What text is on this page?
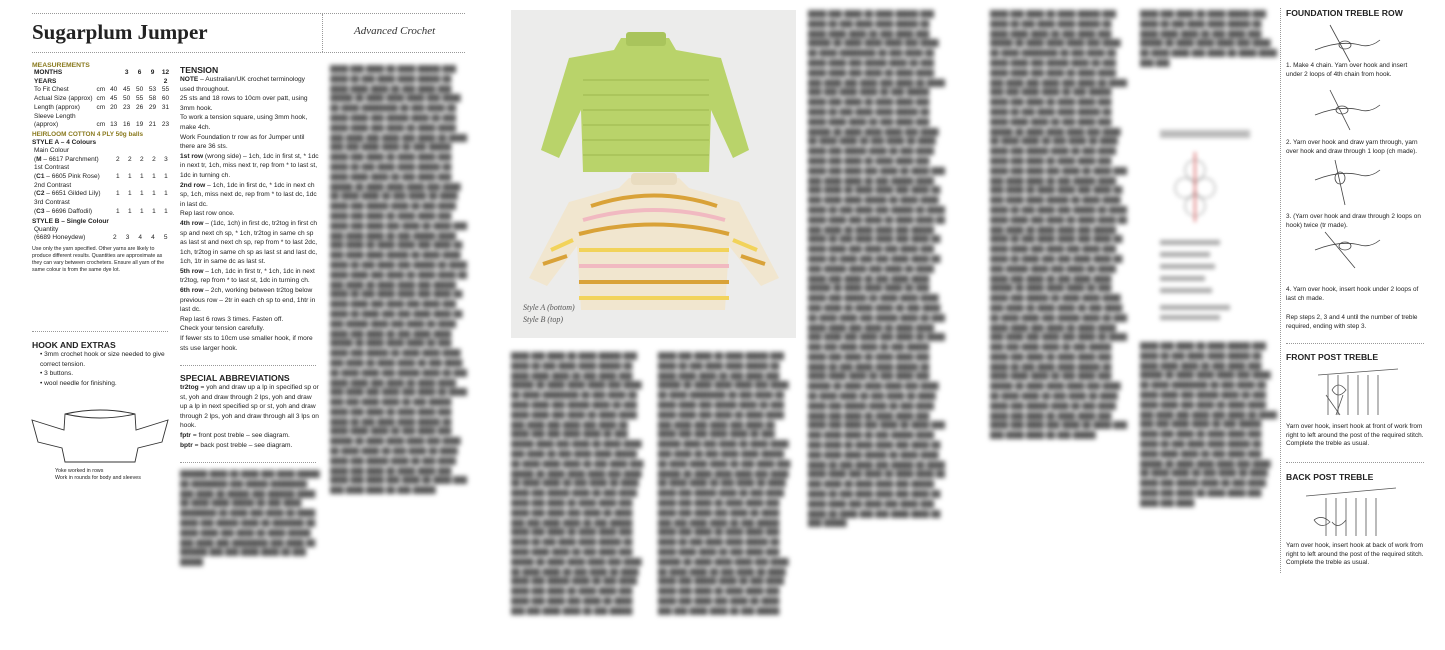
Sugarplum Jumper	Advanced Crochet
MEASUREMENTS
MONTHS			3	6	9	12
YEARS						2
To Fit Chest	cm	40	45	50	53	55
Actual Size (approx)	cm	45	50	55	58	60
Length (approx)	cm	20	23	26	29	31
Sleeve Length						
(approx)	cm	13	16	19	21	23
HEIRLOOM COTTON 4 PLY 50g balls
STYLE A – 4 Colours
Main Colour					
(M – 6617 Parchment)	2	2	2	2	3
1st Contrast					
(C1 – 6605 Pink Rose)	1	1	1	1	1
2nd Contrast					
(C2 – 6651 Gilded Lily)	1	1	1	1	1
3rd Contrast					
(C3 – 6696 Daffodil)	1	1	1	1	1
STYLE B – Single Colour
Quantity					
(6689 Honeydew)	2	3	4	4	5
Use only the yarn specified. Other yarns are likely to produce different results. Quantities are approximate as they can vary between crocheters. Ensure all yarn of the same colour is from the same dye lot.
HOOK AND EXTRAS
• 3mm crochet hook or size needed to give correct tension.
• 3 buttons.
• wool needle for finishing.
Yoke worked in rows
Work in rounds for body and sleeves
TENSION
NOTE – Australian/UK crochet terminology used throughout.
25 sts and 18 rows to 10cm over patt, using 3mm hook.
To work a tension square, using 3mm hook, make 4ch.
Work Foundation tr row as for Jumper until there are 36 sts.
1st row (wrong side) – 1ch, 1dc in first st, * 1dc in next tr, 1ch, miss next tr, rep from * to last st, 1dc in turning ch.
2nd row – 1ch, 1dc in first dc, * 1dc in next ch sp, 1ch, miss next dc, rep from * to last dc, 1dc in last dc.
Rep last row once.
4th row – (1dc, 1ch) in first dc, tr2tog in first ch sp and next ch sp, * 1ch, tr2tog in same ch sp as last st and next ch sp, rep from * to last 2dc, 1ch, tr2tog in same ch sp as last st and last dc, 1ch, 1tr in same dc as last st.
5th row – 1ch, 1dc in first tr, * 1ch, 1dc in next tr2tog, rep from * to last st, 1dc in turning ch.
6th row – 2ch, working between tr2tog below previous row – 2tr in each ch sp to end, 1htr in last dc.
Rep last 6 rows 3 times. Fasten off.
Check your tension carefully.
If fewer sts to 10cm use smaller hook, if more sts use larger hook.
SPECIAL ABBREVIATIONS
tr2tog = yoh and draw up a lp in specified sp or st, yoh and draw through 2 lps, yoh and draw up a lp in next specified sp or st, yoh and draw through 2 lps, yoh and draw through all 3 lps on hook.
fptr = front post treble – see diagram.
bptr = back post treble – see diagram.
██████ ████ ██ ████ ███ ████ █████ ██ ████████ ███ █████ ████████ ███ ████ ██ █████ ███ ██████ ████ ██ ████ ████ █████ ██ ███ ████ ████████ ██ ████ ███ ████ ██ ████ ████ ███ █████ ████ ██ ███████ ██ ████ ████ ███ ████ ██ ████ █████ ███ ████ ███ ████████ ███ ████ ██ ██████ ███ ███ ████ ████ ██ ███ █████
████ ███ ████ ██ ████ █████ ███ ████ ██ ███ ████ ████ █████ ██ ████ ████ ████ ██ ███ ████ ███ █████ ██ ████ ████ ████ ███ ████ ██ ████ ████████ ██ ███ ████ ██ ████ ████ ███ █████ ████ ██ ███ ████ ████ ███ ████ ██ ████ ████ ███ ████ ███ ████ ███ ████ ██ ████ ███ ███ ████ ████ ██ ███ █████ ████ ███ ████ ██ ████ ████ ███ ████ ██ ███ ████ ████ █████ ██ ████ ████ ████ ██ ███ ████ ███ █████ ██ ████ ████ ████ ███ ████ ██ ████ ████ ██ ███ ████ ██ ████ ████ ███ █████ ████ ██ ███ ████ ████ ███ ████ ██ ████ ████ ███ ████ ███ ████ ███ ████ ██ ████ ███ ███ ████ ████ ██ ███ █████ ████ ███ ████ ██ ████ ████ ███ ████ ██ ███ ████ ████ █████ ██ ████ ████ ████ ██ ███ ████ ███ █████ ██ ████ ████ ████ ███ ████ ██ ████ ████ ██ ███ ████ ██ ████ ████ ███ █████ ████ ██ ███ ████ ████ ███ ████ ██ ████ ████ ███ ████ ███ ████ ███ ████ ██ ████ ███ ███ ████ ████ ██ ███ █████ ████ ███ ████ ██ ████ ████ ███ ████ ██ ███ ████ ████ █████ ██ ████ ████ ████ ██ ███ ████ ███ █████ ██ ████ ████ ████ ███ ████ ██ ████ ████ ██ ███ ████ ██ ████ ████ ███ █████ ████ ██ ███ ████ ████ ███ ████ ██ ████ ████ ███ ████ ███ ████ ███ ████ ██ ████ ███ ███ ████ ████ ██ ███ █████ ████ ███ ████ ██ ████ ████ ███ ████ ██ ███ ████ ████ █████ ██ ████ ████ ████ ██ ███ ████ ███ █████ ██ ████ ████ ████ ███ ████ ██ ████ ████ ██ ███ ████ ██ ████ ████ ███ █████ ████ ██ ███ ████ ████ ███ ████ ██ ████ ████ ███ ████ ███ ████ ███ ████ ██ ████ ███ ███ ████ ████ ██ ███ █████
Style A (bottom)
Style B (top)
████ ███ ████ ██ ████ █████ ███ ████ ██ ███ ████ ████ █████ ██ ████ ████ ████ ██ ███ ████ ███ █████ ██ ████ ████ ████ ███ ████ ██ ████ ████████ ██ ███ ████ ██ ████ ████ ███ █████ ████ ██ ███ ████ ████ ███ ████ ██ ████ ████ ███ ████ ███ ████ ███ ████ ██ ████ ███ ███ ████ ████ ██ ███ █████ ████ ███ ████ ██ ████ ████ ███ ████ ██ ███ ████ ████ █████ ██ ████ ████ ████ ██ ███ ████ ███ █████ ██ ████ ████ ████ ███ ████ ██ ████ ████ ██ ███ ████ ██ ████ ████ ███ █████ ████ ██ ███ ████ ████ ███ ████ ██ ████ ████ ███ ████ ███ ████ ███ ████ ██ ████ ███ ███ ████ ████ ██ ███ █████ ████ ███ ████ ██ ████ ████ ███ ████ ██ ███ ████ ████ █████ ██ ████ ████ ████ ██ ███ ████ ███ █████ ██ ████ ████ ████ ███ ████ ██ ████ ████ ██ ███ ████ ██ ████ ████ ███ █████ ████ ██ ███ ████ ████ ███ ████ ██ ████ ████ ███ ████ ███ ████ ███ ████ ██ ████ ███ ███ ████ ████ ██ ███ █████
████ ███ ████ ██ ████ █████ ███ ████ ██ ███ ████ ████ █████ ██ ████ ████ ████ ██ ███ ████ ███ █████ ██ ████ ████ ████ ███ ████ ██ ████ ████████ ██ ███ ████ ██ ████ ████ ███ █████ ████ ██ ███ ████ ████ ███ ████ ██ ████ ████ ███ ████ ███ ████ ███ ████ ██ ████ ███ ███ ████ ████ ██ ███ █████ ████ ███ ████ ██ ████ ████ ███ ████ ██ ███ ████ ████ █████ ██ ████ ████ ████ ██ ███ ████ ███ █████ ██ ████ ████ ████ ███ ████ ██ ████ ████ ██ ███ ████ ██ ████ ████ ███ █████ ████ ██ ███ ████ ████ ███ ████ ██ ████ ████ ███ ████ ███ ████ ███ ████ ██ ████ ███ ███ ████ ████ ██ ███ █████ ████ ███ ████ ██ ████ ████ ███ ████ ██ ███ ████ ████ █████ ██ ████ ████ ████ ██ ███ ████ ███ █████ ██ ████ ████ ████ ███ ████ ██ ████ ████ ██ ███ ████ ██ ████ ████ ███ █████ ████ ██ ███ ████ ████ ███ ████ ██ ████ ████ ███ ████ ███ ████ ███ ████ ██ ████ ███ ███ ████ ████ ██ ███ █████
████ ███ ████ ██ ████ █████ ███ ████ ██ ███ ████ ████ █████ ██ ████ ████ ████ ██ ███ ████ ███ █████ ██ ████ ████ ████ ███ ████ ██ ████ ████████ ██ ███ ████ ██ ████ ████ ███ █████ ████ ██ ███ ████ ████ ███ ████ ██ ████ ████ ███ ████ ███ ████ ███ ████ ██ ████ ███ ███ ████ ████ ██ ███ █████ ████ ███ ████ ██ ████ ████ ███ ████ ██ ███ ████ ████ █████ ██ ████ ████ ████ ██ ███ ████ ███ █████ ██ ████ ████ ████ ███ ████ ██ ████ ████ ██ ███ ████ ██ ████ ████ ███ █████ ████ ██ ███ ████ ████ ███ ████ ██ ████ ████ ███ ████ ███ ████ ███ ████ ██ ████ ███ ███ ████ ████ ██ ███ █████ ████ ███ ████ ██ ████ ████ ███ ████ ██ ███ ████ ████ █████ ██ ████ ████ ████ ██ ███ ████ ███ █████ ██ ████ ████ ████ ███ ████ ██ ████ ████ ██ ███ ████ ██ ████ ████ ███ █████ ████ ██ ███ ████ ████ ███ ████ ██ ████ ████ ███ ████ ███ ████ ███ ████ ██ ████ ███ ███ ████ ████ ██ ███ █████ ████ ███ ████ ██ ████ ████ ███ ████ ██ ███ ████ ████ █████ ██ ████ ████ ████ ██ ███ ████ ███ █████ ██ ████ ████ ████ ███ ████ ██ ████ ████ ██ ███ ████ ██ ████ ████ ███ █████ ████ ██ ███ ████ ████ ███ ████ ██ ████ ████ ███ ████ ███ ████ ███ ████ ██ ████ ███ ███ ████ ████ ██ ███ █████ ████ ███ ████ ██ ████ ████ ███ ████ ██ ███ ████ ████ █████ ██ ████ ████ ████ ██ ███ ████ ███ █████ ██ ████ ████ ████ ███ ████ ██ ████ ████ ██ ███ ████ ██ ████ ████ ███ █████ ████ ██ ███ ████ ████ ███ ████ ██ ████ ████ ███ ████ ███ ████ ███ ████ ██ ████ ███ ███ ████ ████ ██ ███ █████ ████ ███ ████ ██ ████ ████ ███ ████ ██ ███ ████ ████ █████ ██ ████ ████ ████ ██ ███ ████ ███ █████ ██ ████ ████ ████ ███ ████ ██ ████ ████ ██ ███ ████ ██ ████ ████ ███ █████ ████ ██ ███ ████ ████ ███ ████ ██ ████ ████ ███ ████ ███ ████ ███ ████ ██ ████ ███ ███ ████ ████ ██ ███ █████
████ ███ ████ ██ ████ █████ ███ ████ ██ ███ ████ ████ █████ ██ ████ ████ ████ ██ ███ ████ ███ █████ ██ ████ ████ ████ ███ ████ ██ ████ ████████ ██ ███ ████ ██ ████ ████ ███ █████ ████ ██ ███ ████ ████ ███ ████ ██ ████ ████ ███ ████ ███ ████ ███ ████ ██ ████ ███ ███ ████ ████ ██ ███ █████ ████ ███ ████ ██ ████ ████ ███ ████ ██ ███ ████ ████ █████ ██ ████ ████ ████ ██ ███ ████ ███ █████ ██ ████ ████ ████ ███ ████ ██ ████ ████ ██ ███ ████ ██ ████ ████ ███ █████ ████ ██ ███ ████ ████ ███ ████ ██ ████ ████ ███ ████ ███ ████ ███ ████ ██ ████ ███ ███ ████ ████ ██ ███ █████ ████ ███ ████ ██ ████ ████ ███ ████ ██ ███ ████ ████ █████ ██ ████ ████ ████ ██ ███ ████ ███ █████ ██ ████ ████ ████ ███ ████ ██ ████ ████ ██ ███ ████ ██ ████ ████ ███ █████ ████ ██ ███ ████ ████ ███ ████ ██ ████ ████ ███ ████ ███ ████ ███ ████ ██ ████ ███ ███ ████ ████ ██ ███ █████ ████ ███ ████ ██ ████ ████ ███ ████ ██ ███ ████ ████ █████ ██ ████ ████ ████ ██ ███ ████ ███ █████ ██ ████ ████ ████ ███ ████ ██ ████ ████ ██ ███ ████ ██ ████ ████ ███ █████ ████ ██ ███ ████ ████ ███ ████ ██ ████ ████ ███ ████ ███ ████ ███ ████ ██ ████ ███ ███ ████ ████ ██ ███ █████ ████ ███ ████ ██ ████ ████ ███ ████ ██ ███ ████ ████ █████ ██ ████ ████ ████ ██ ███ ████ ███ █████ ██ ████ ████ ████ ███ ████ ██ ████ ████ ██ ███ ████ ██ ████ ████ ███ █████ ████ ██ ███ ████ ████ ███ ████ ██ ████ ████ ███ ████ ███ ████ ███ ████ ██ ████ ███ ███ ████ ████ ██ ███ █████
████ ███ ████ ██ ████ █████ ███ ████ ██ ███ ████ ████ █████ ██ ████ ████ ████ ██ ███ ████ ███ █████ ██ ████ ████ ████ ███ ████ ██ ████ ████ ███ ████ ██ ████ ████ ███ ███
████ ███ ████ ██ ████ █████ ███ ████ ██ ███ ████ ████ █████ ██ ████ ████ ████ ██ ███ ████ ███ █████ ██ ████ ████ ████ ███ ████ ██ ████ ████████ ██ ███ ████ ██ ████ ████ ███ █████ ████ ██ ███ ████ ████ ███ ████ ██ ████ ████ ███ ████ ███ ████ ███ ████ ██ ████ ███ ███ ████ ████ ██ ███ █████ ████ ███ ████ ██ ████ ████ ███ ████ ██ ███ ████ ████ █████ ██ ████ ████ ████ ██ ███ ████ ███ █████ ██ ████ ████ ████ ███ ████ ██ ████ ████ ██ ███ ████ ██ ████ ████ ███ █████ ████ ██ ███ ████ ████ ███ ████ ██ ████ ████ ███ ████ ███ ████
FOUNDATION TREBLE ROW
1. Make 4 chain. Yarn over hook and insert under 2 loops of 4th chain from hook.
2. Yarn over hook and draw yarn through, yarn over hook and draw through 1 loop (ch made).
3. (Yarn over hook and draw through 2 loops on hook) twice (tr made).
4. Yarn over hook, insert hook under 2 loops of last ch made.
Rep steps 2, 3 and 4 until the number of treble required, ending with step 3.
FRONT POST TREBLE
Yarn over hook, insert hook at front of work from right to left around the post of the required stitch. Complete the treble as usual.
BACK POST TREBLE
Yarn over hook, insert hook at back of work from right to left around the post of the required stitch. Complete the treble as usual.
